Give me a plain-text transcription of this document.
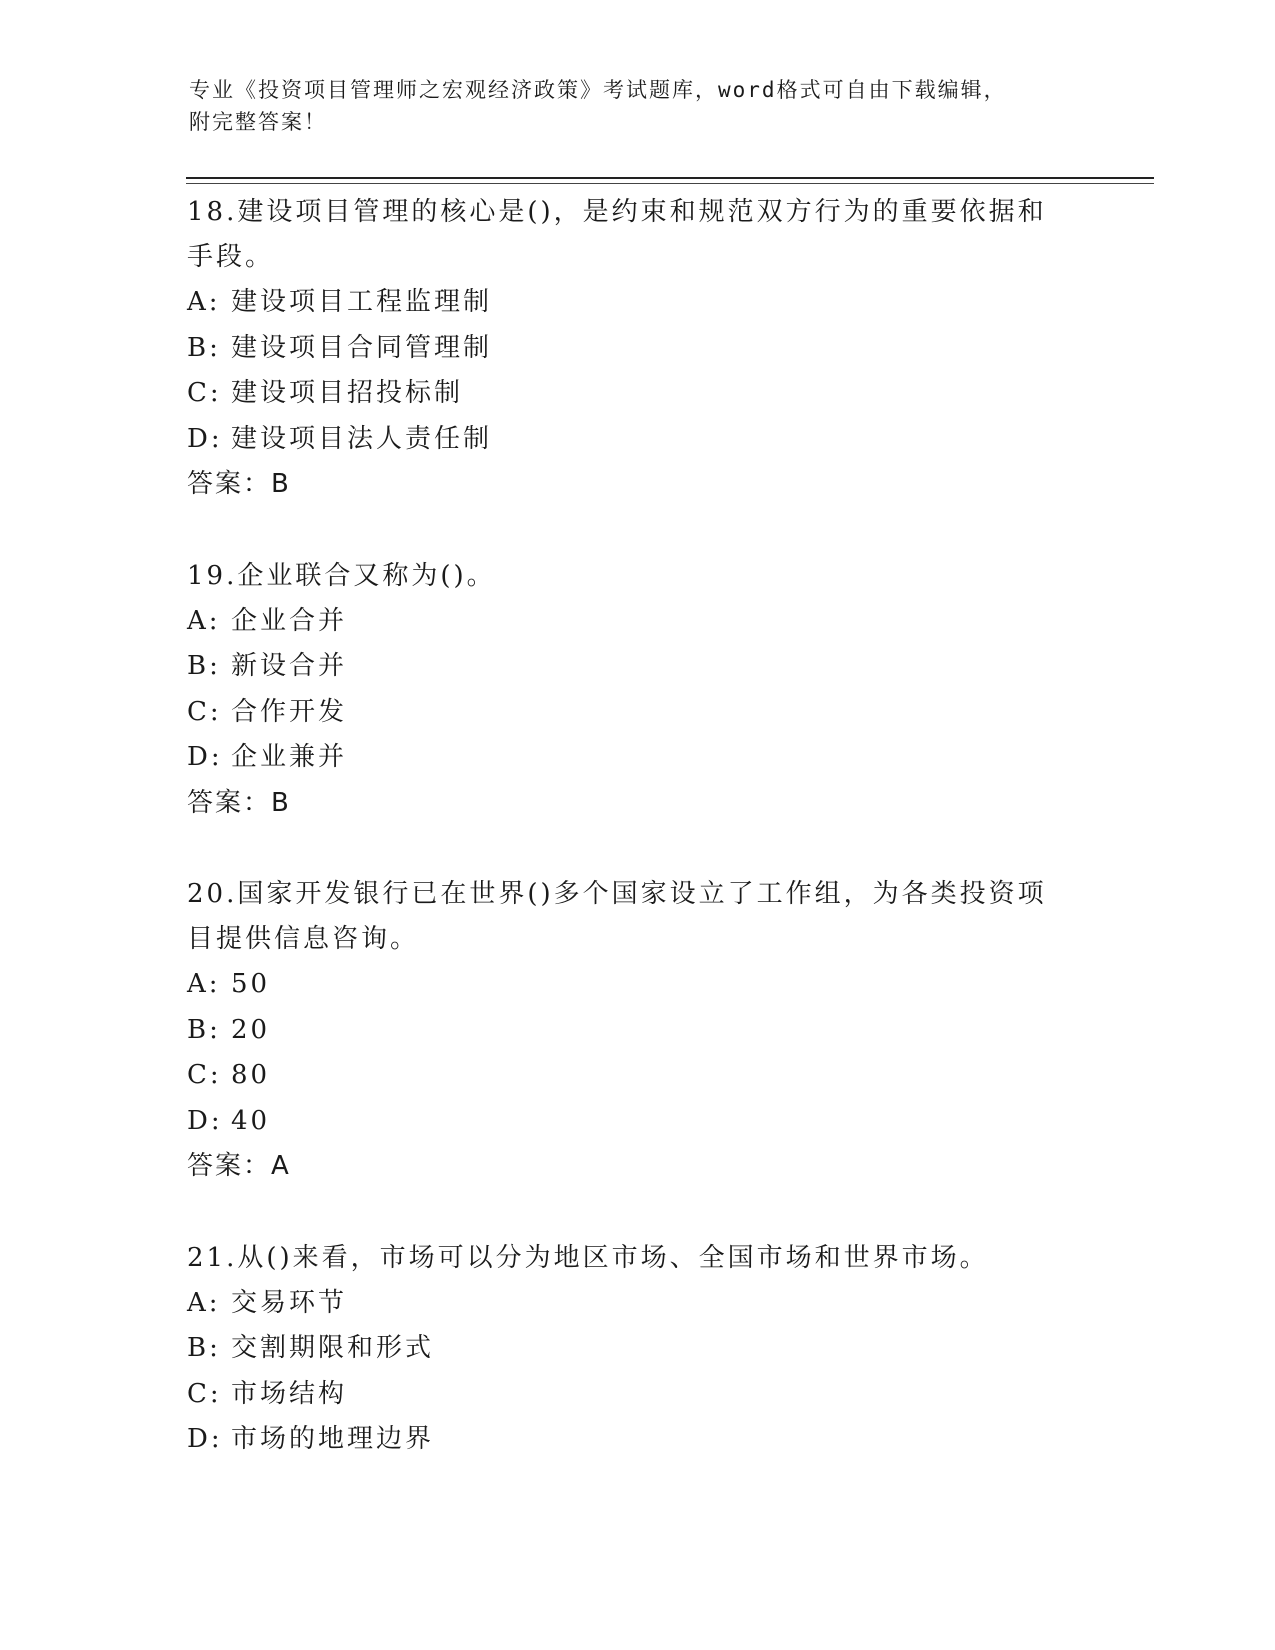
专业《投资项目管理师之宏观经济政策》考试题库，word格式可自由下载编辑，
附完整答案！

18.建设项目管理的核心是()，是约束和规范双方行为的重要依据和手段。

A: 建设项目工程监理制

B: 建设项目合同管理制

C: 建设项目招投标制

D: 建设项目法人责任制

答案：B

19.企业联合又称为()。

A: 企业合并

B: 新设合并

C: 合作开发

D: 企业兼并

答案：B

20.国家开发银行已在世界()多个国家设立了工作组，为各类投资项目提供信息咨询。

A: 50

B: 20

C: 80

D: 40

答案：A

21.从()来看，市场可以分为地区市场、全国市场和世界市场。

A: 交易环节

B: 交割期限和形式

C: 市场结构

D: 市场的地理边界
